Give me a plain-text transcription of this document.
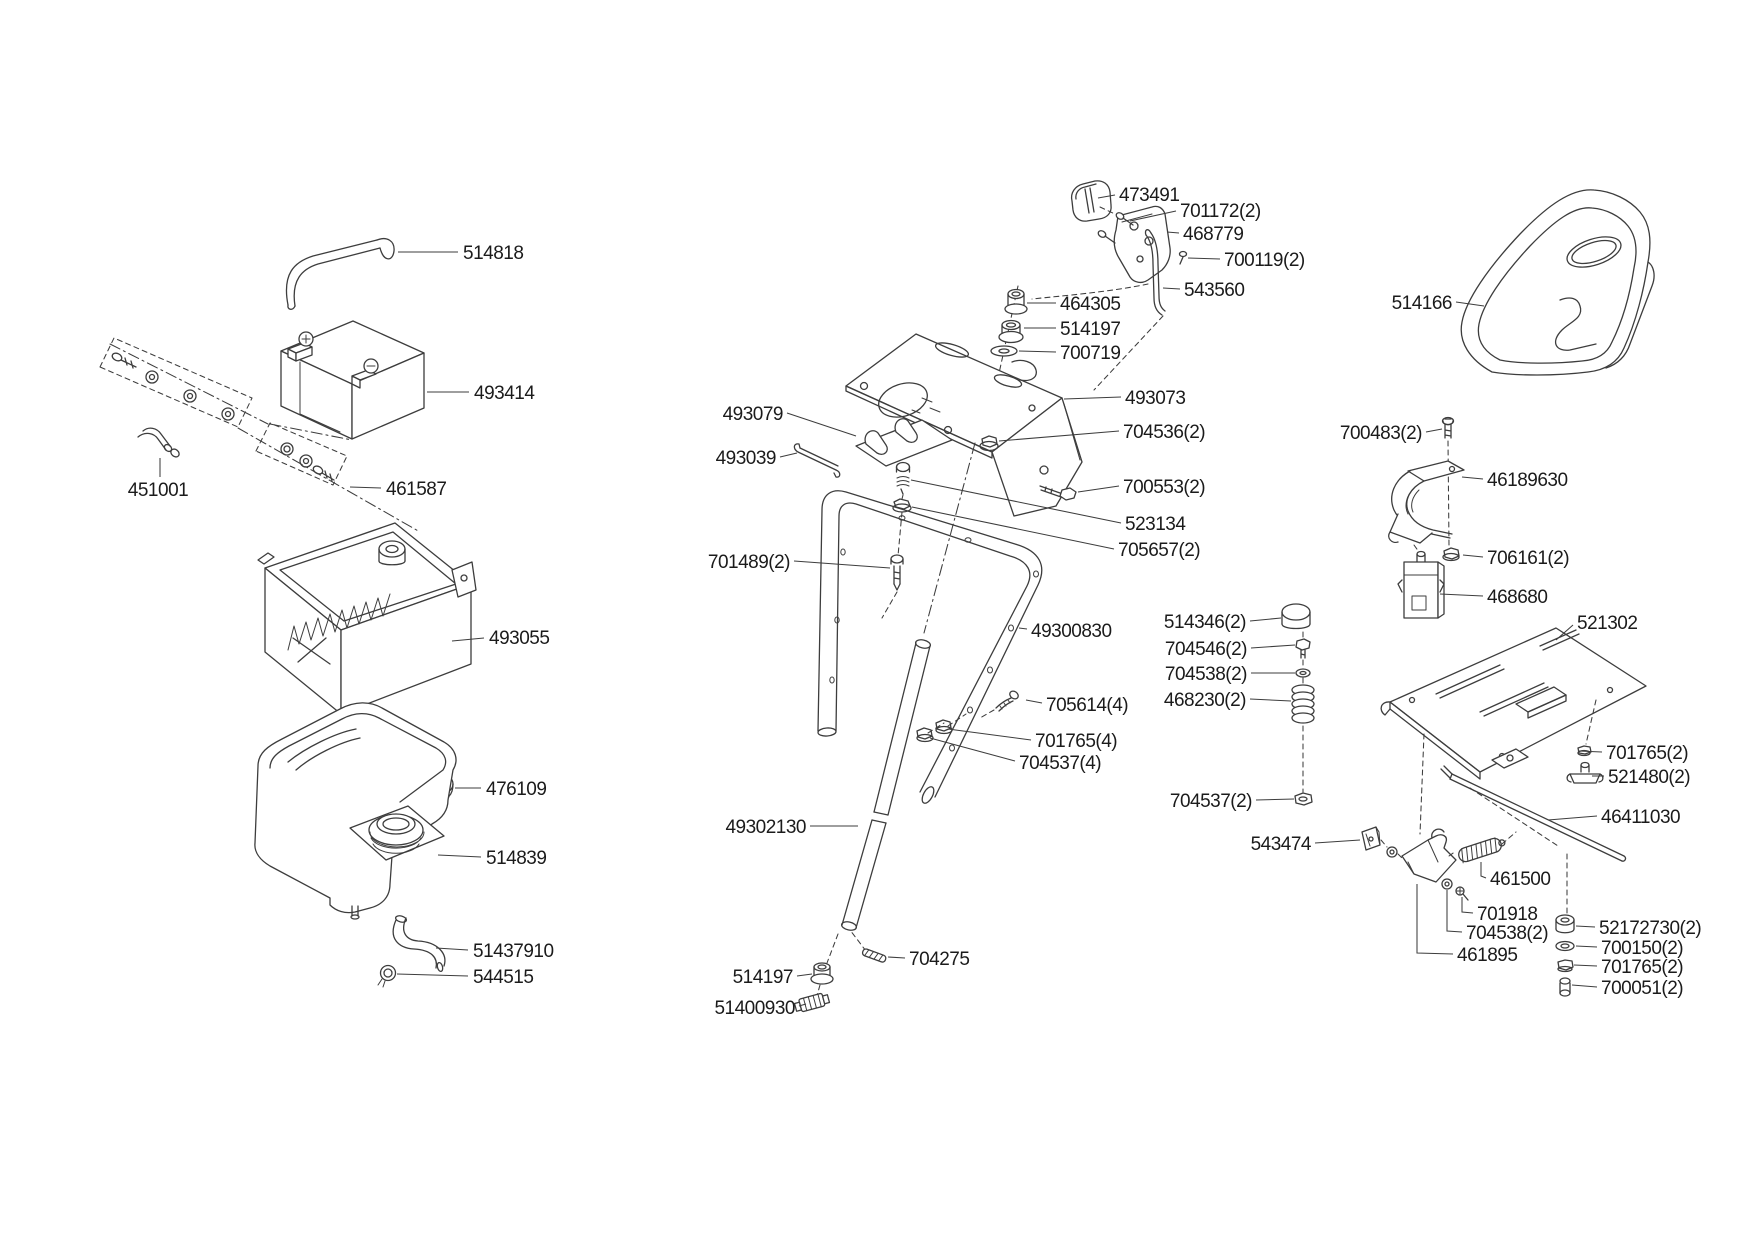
514818
493414
451001	461587
493055
476109
514839
51437910
544515
473491
701172(2)
468779
700119(2)
543560
464305
514197
700719
493073
704536(2)
700553(2)
493079
493039
523134
705657(2)
701489(2)
49300830
705614(4)
701765(4)
704537(4)
49302130
704275
514197
51400930
514166
700483(2)
46189630
706161(2)
468680
521302
514346(2)
704546(2)
704538(2)
468230(2)
704537(2)
701765(2)
521480(2)
46411030
543474
461500
701918
704538(2)
461895
52172730(2)
700150(2)
701765(2)
700051(2)
